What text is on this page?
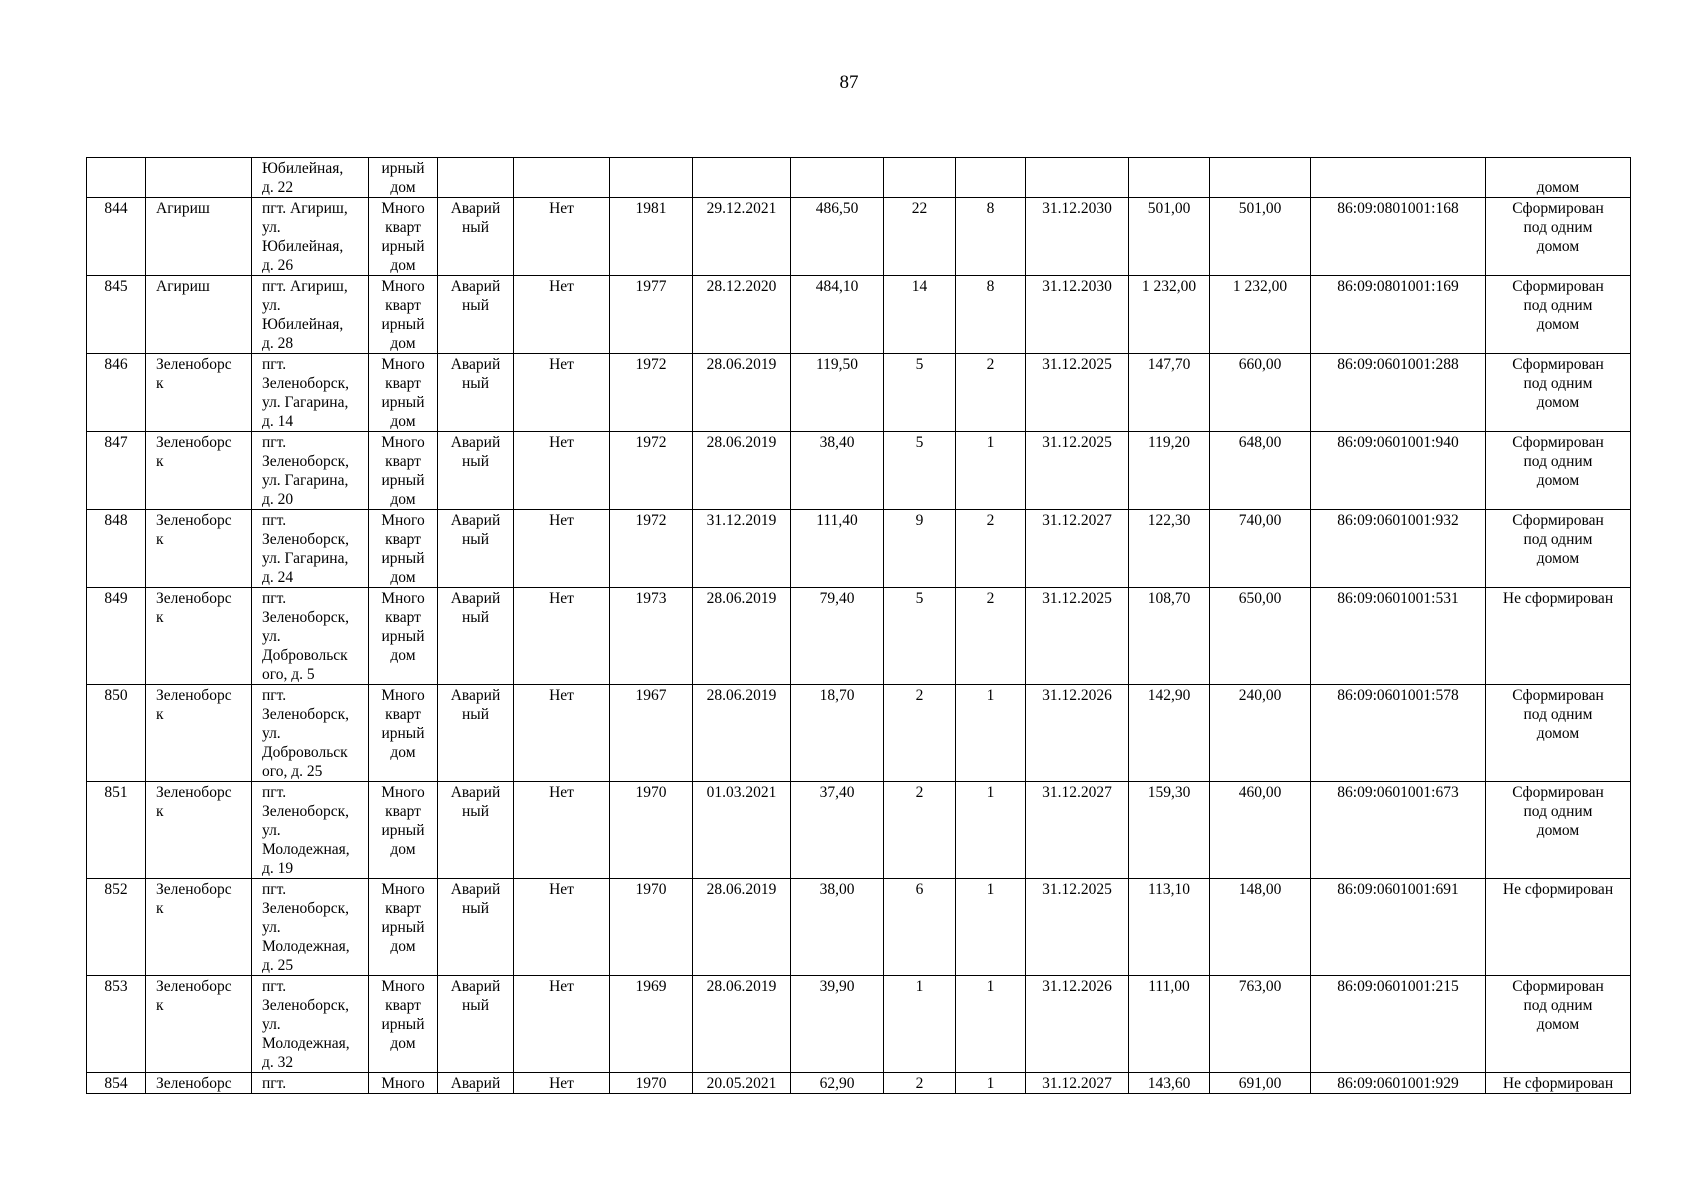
87
		Юбилейная,
д. 22	ирный
дом												домом
844	Агириш	пгт. Агириш,
ул.
Юбилейная,
д. 26	Много
кварт
ирный
дом	Аварий
ный	Нет	1981	29.12.2021	486,50	22	8	31.12.2030	501,00	501,00	86:09:0801001:168	Сформирован
под одним
домом
845	Агириш	пгт. Агириш,
ул.
Юбилейная,
д. 28	Много
кварт
ирный
дом	Аварий
ный	Нет	1977	28.12.2020	484,10	14	8	31.12.2030	1 232,00	1 232,00	86:09:0801001:169	Сформирован
под одним
домом
846	Зеленоборс
к	пгт.
Зеленоборск,
ул. Гагарина,
д. 14	Много
кварт
ирный
дом	Аварий
ный	Нет	1972	28.06.2019	119,50	5	2	31.12.2025	147,70	660,00	86:09:0601001:288	Сформирован
под одним
домом
847	Зеленоборс
к	пгт.
Зеленоборск,
ул. Гагарина,
д. 20	Много
кварт
ирный
дом	Аварий
ный	Нет	1972	28.06.2019	38,40	5	1	31.12.2025	119,20	648,00	86:09:0601001:940	Сформирован
под одним
домом
848	Зеленоборс
к	пгт.
Зеленоборск,
ул. Гагарина,
д. 24	Много
кварт
ирный
дом	Аварий
ный	Нет	1972	31.12.2019	111,40	9	2	31.12.2027	122,30	740,00	86:09:0601001:932	Сформирован
под одним
домом
849	Зеленоборс
к	пгт.
Зеленоборск,
ул.
Добровольск
ого, д. 5	Много
кварт
ирный
дом	Аварий
ный	Нет	1973	28.06.2019	79,40	5	2	31.12.2025	108,70	650,00	86:09:0601001:531	Не сформирован
850	Зеленоборс
к	пгт.
Зеленоборск,
ул.
Добровольск
ого, д. 25	Много
кварт
ирный
дом	Аварий
ный	Нет	1967	28.06.2019	18,70	2	1	31.12.2026	142,90	240,00	86:09:0601001:578	Сформирован
под одним
домом
851	Зеленоборс
к	пгт.
Зеленоборск,
ул.
Молодежная,
д. 19	Много
кварт
ирный
дом	Аварий
ный	Нет	1970	01.03.2021	37,40	2	1	31.12.2027	159,30	460,00	86:09:0601001:673	Сформирован
под одним
домом
852	Зеленоборс
к	пгт.
Зеленоборск,
ул.
Молодежная,
д. 25	Много
кварт
ирный
дом	Аварий
ный	Нет	1970	28.06.2019	38,00	6	1	31.12.2025	113,10	148,00	86:09:0601001:691	Не сформирован
853	Зеленоборс
к	пгт.
Зеленоборск,
ул.
Молодежная,
д. 32	Много
кварт
ирный
дом	Аварий
ный	Нет	1969	28.06.2019	39,90	1	1	31.12.2026	111,00	763,00	86:09:0601001:215	Сформирован
под одним
домом
854	Зеленоборс	пгт.	Много	Аварий	Нет	1970	20.05.2021	62,90	2	1	31.12.2027	143,60	691,00	86:09:0601001:929	Не сформирован
